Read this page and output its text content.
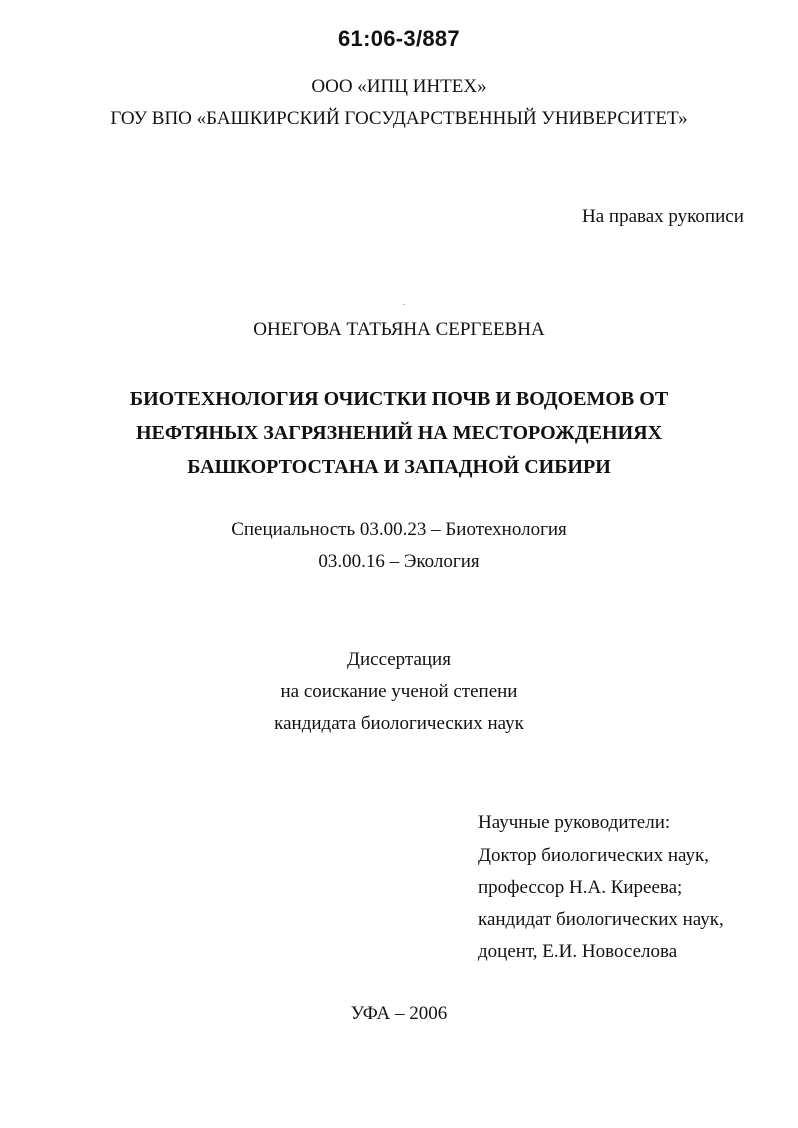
61:06-3/887
ООО «ИПЦ ИНТЕХ»
ГОУ ВПО «БАШКИРСКИЙ ГОСУДАРСТВЕННЫЙ УНИВЕРСИТЕТ»
На правах рукописи
ОНЕГОВА ТАТЬЯНА СЕРГЕЕВНА
БИОТЕХНОЛОГИЯ ОЧИСТКИ ПОЧВ И ВОДОЕМОВ ОТ
НЕФТЯНЫХ ЗАГРЯЗНЕНИЙ НА МЕСТОРОЖДЕНИЯХ
БАШКОРТОСТАНА И ЗАПАДНОЙ СИБИРИ
Специальность 03.00.23 – Биотехнология
03.00.16 – Экология
Диссертация
на соискание ученой степени
кандидата биологических наук
Научные руководители:
Доктор биологических наук,
профессор Н.А. Киреева;
кандидат биологических наук,
доцент, Е.И. Новоселова
УФА – 2006
